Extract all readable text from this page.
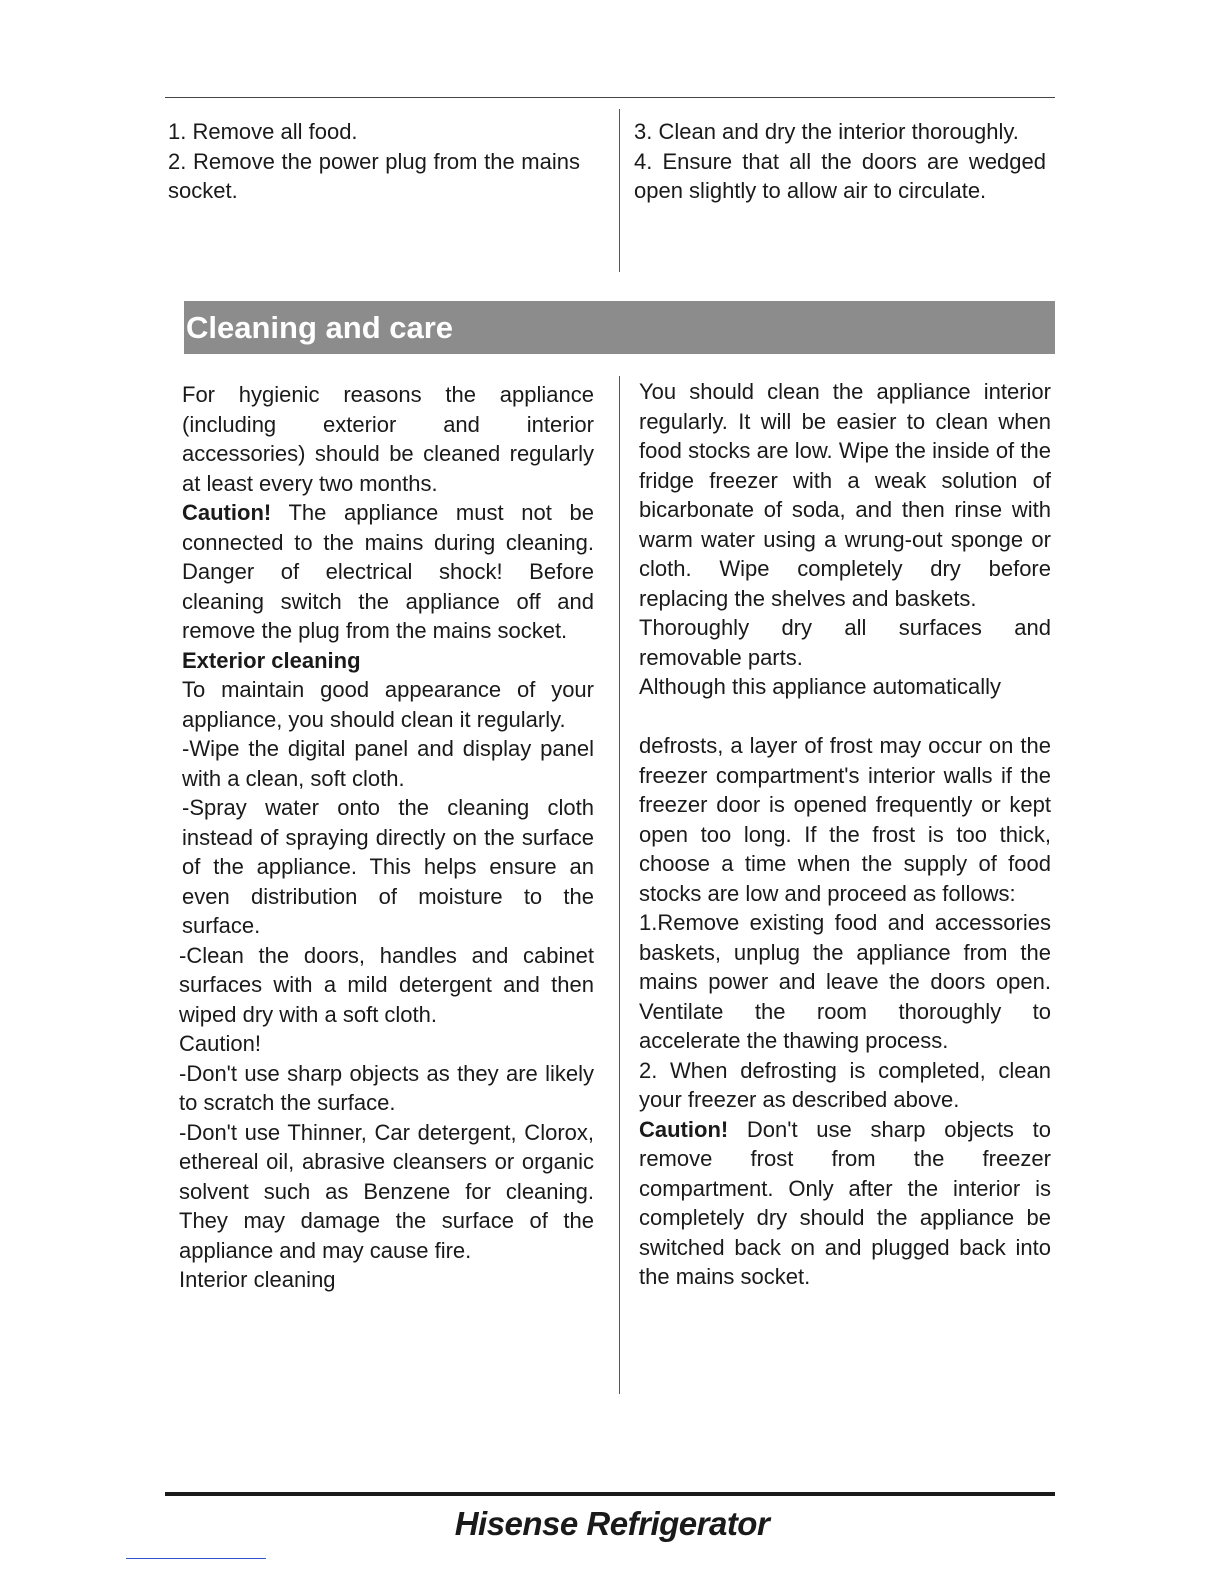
1. Remove all food.

2. Remove the power plug from the mains socket.

3. Clean and dry the interior thoroughly.

4. Ensure that all the doors are wedged open slightly to allow air to circulate.

Cleaning and care

For hygienic reasons the appliance (including exterior and interior accessories) should be cleaned regularly at least every two months.

Caution! The appliance must not be connected to the mains during cleaning. Danger of electrical shock! Before cleaning switch the appliance off and remove the plug from the mains socket.

Exterior cleaning

To maintain good appearance of your appliance, you should clean it regularly.

-Wipe the digital panel and display panel with a clean, soft cloth.

-Spray water onto the cleaning cloth instead of spraying directly on the surface of the appliance. This helps ensure an even distribution of moisture to the surface.

-Clean the doors, handles and cabinet surfaces with a mild detergent and then wiped dry with a soft cloth.

Caution!

-Don't use sharp objects as they are likely to scratch the surface.

-Don't use Thinner, Car detergent, Clorox, ethereal oil, abrasive cleansers or organic solvent such as Benzene for cleaning. They may damage the surface of the appliance and may cause fire.

Interior cleaning

You should clean the appliance interior regularly. It will be easier to clean when food stocks are low. Wipe the inside of the fridge freezer with a weak solution of bicarbonate of soda, and then rinse with warm water using a wrung-out sponge or cloth. Wipe completely dry before replacing the shelves and baskets.

Thoroughly dry all surfaces and removable parts.

Although this appliance automatically

defrosts, a layer of frost may occur on the freezer compartment's interior walls if the freezer door is opened frequently or kept open too long. If the frost is too thick, choose a time when the supply of food stocks are low and proceed as follows:

1.Remove existing food and accessories baskets, unplug the appliance from the mains power and leave the doors open. Ventilate the room thoroughly to accelerate the thawing process.

2. When defrosting is completed, clean your freezer as described above.

Caution! Don't use sharp objects to remove frost from the freezer compartment. Only after the interior is completely dry should the appliance be switched back on and plugged back into the mains socket.

Hisense Refrigerator
